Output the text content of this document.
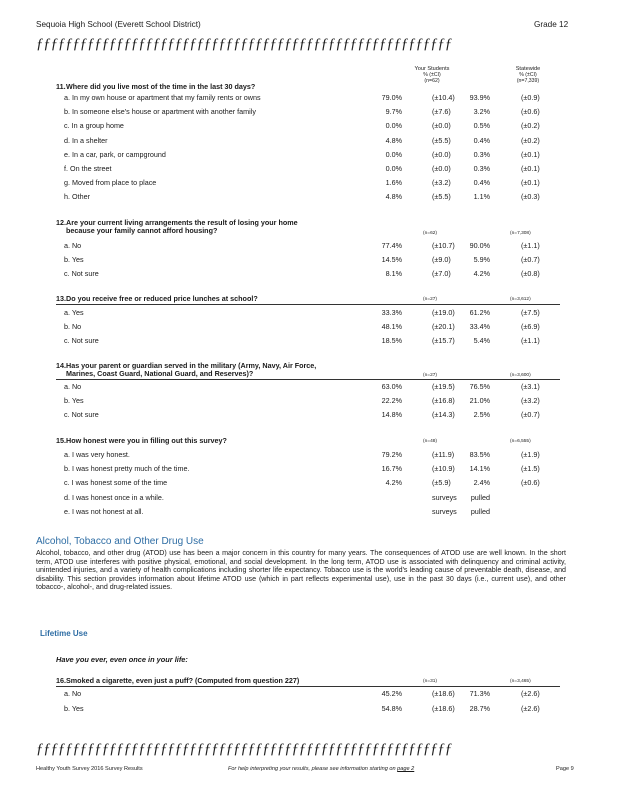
Sequoia High School (Everett School District)	Grade 12
ƒƒƒƒƒƒƒƒƒƒƒƒƒƒƒƒƒƒƒƒƒƒƒƒƒƒƒƒƒƒƒƒƒƒƒƒƒƒƒƒƒƒƒƒƒƒƒƒƒƒƒƒƒƒƒƒƒ
Your Students
% (±CI)
(n=62)
Statewide
% (±CI)
(n=7,339)
11.Where did you live most of the time in the last 30 days?
12.Are your current living arrangements the result of losing your home
because your family cannot afford housing?	(n=62)	(n=7,308)
13.Do you receive free or reduced price lunches at school?	(n=27)	(n=3,612)
14.Has your parent or guardian served in the military (Army, Navy, Air Force,
Marines, Coast Guard, National Guard, and Reserves)?	(n=27)	(n=3,600)
15.How honest were you in filling out this survey?	(n=48)	(n=6,555)
Alcohol, Tobacco and Other Drug Use
Alcohol, tobacco, and other drug (ATOD) use has been a major concern in this country for many years. The consequences of ATOD use are well known. In the short term, ATOD use interferes with positive physical, emotional, and social development. In the long term, ATOD use is associated with delinquency and criminal activity, unintended injuries, and a variety of health complications including shorter life expectancy. Tobacco use is the world's leading cause of preventable death, disease, and disability. This section provides information about lifetime ATOD use (which in part reflects experimental use), use in the past 30 days (i.e., current use), and other tobacco-, alcohol-, and drug-related issues.
Lifetime Use
Have you ever, even once in your life:
16.Smoked a cigarette, even just a puff? (Computed from question 227)	(n=31)	(n=3,465)
ƒƒƒƒƒƒƒƒƒƒƒƒƒƒƒƒƒƒƒƒƒƒƒƒƒƒƒƒƒƒƒƒƒƒƒƒƒƒƒƒƒƒƒƒƒƒƒƒƒƒƒƒƒƒƒƒƒ
Healthy Youth Survey 2016 Survey Results	For help interpreting your results, please see information starting on page 2	Page 9
a. In my own house or apartment that my family rents or owns	79.0%	(±10.4)	93.9%	(±0.9)
b. In someone else's house or apartment with another family	9.7%	(±7.6)	3.2%	(±0.6)
c. In a group home	0.0%	(±0.0)	0.5%	(±0.2)
d. In a shelter	4.8%	(±5.5)	0.4%	(±0.2)
e. In a car, park, or campground	0.0%	(±0.0)	0.3%	(±0.1)
f. On the street	0.0%	(±0.0)	0.3%	(±0.1)
g. Moved from place to place	1.6%	(±3.2)	0.4%	(±0.1)
h. Other	4.8%	(±5.5)	1.1%	(±0.3)
a. No	77.4%	(±10.7)	90.0%	(±1.1)
b. Yes	14.5%	(±9.0)	5.9%	(±0.7)
c. Not sure	8.1%	(±7.0)	4.2%	(±0.8)
a. Yes	33.3%	(±19.0)	61.2%	(±7.5)
b. No	48.1%	(±20.1)	33.4%	(±6.9)
c. Not sure	18.5%	(±15.7)	5.4%	(±1.1)
a. No	63.0%	(±19.5)	76.5%	(±3.1)
b. Yes	22.2%	(±16.8)	21.0%	(±3.2)
c. Not sure	14.8%	(±14.3)	2.5%	(±0.7)
a. I was very honest.	79.2%	(±11.9)	83.5%	(±1.9)
b. I was honest pretty much of the time.	16.7%	(±10.9)	14.1%	(±1.5)
c. I was honest some of the time	4.2%	(±5.9)	2.4%	(±0.6)
d. I was honest once in a while.	surveys	pulled
e. I was not honest at all.	surveys	pulled
a. No	45.2%	(±18.6)	71.3%	(±2.6)
b. Yes	54.8%	(±18.6)	28.7%	(±2.6)
